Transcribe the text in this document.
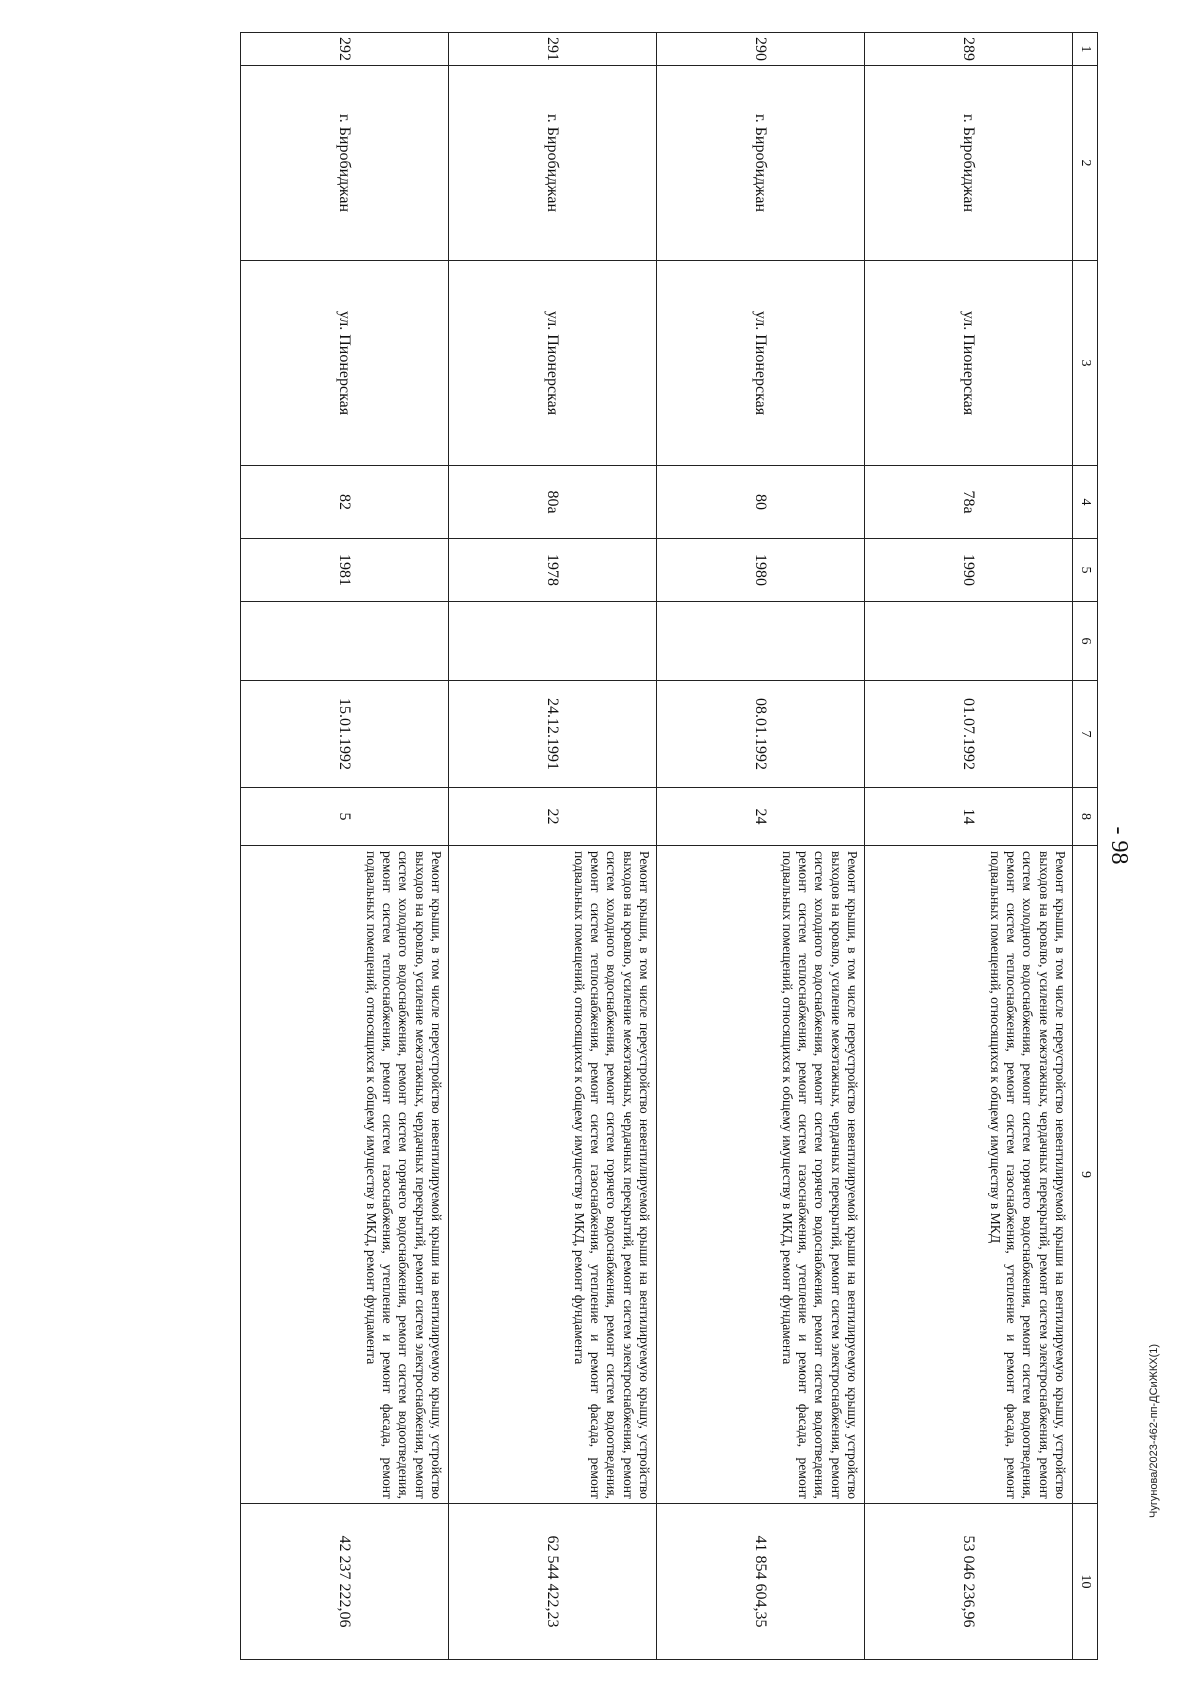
- 98
1	2	3	4	5	6	7	8	9	10
289	г. Биробиджан	ул. Пионерская	78а	1990		01.07.1992	14	Ремонт крыши, в том числе переустройство невентилируемой крыши на вентилируемую крышу, устройство выходов на кровлю, усиление межэтажных, чердачных перекрытий, ремонт систем электроснабжения, ремонт систем холодного водоснабжения, ремонт систем горячего водоснабжения, ремонт систем водоотведения, ремонт систем теплоснабжения, ремонт систем газоснабжения, утепление и ремонт фасада, ремонт подвальных помещений, относящихся к общему имуществу в МКД	53 046 236,96
290	г. Биробиджан	ул. Пионерская	80	1980		08.01.1992	24	Ремонт крыши, в том числе переустройство невентилируемой крыши на вентилируемую крышу, устройство выходов на кровлю, усиление межэтажных, чердачных перекрытий, ремонт систем электроснабжения, ремонт систем холодного водоснабжения, ремонт систем горячего водоснабжения, ремонт систем водоотведения, ремонт систем теплоснабжения, ремонт систем газоснабжения, утепление и ремонт фасада, ремонт подвальных помещений, относящихся к общему имуществу в МКД, ремонт фундамента	41 854 604,35
291	г. Биробиджан	ул. Пионерская	80а	1978		24.12.1991	22	Ремонт крыши, в том числе переустройство невентилируемой крыши на вентилируемую крышу, устройство выходов на кровлю, усиление межэтажных, чердачных перекрытий, ремонт систем электроснабжения, ремонт систем холодного водоснабжения, ремонт систем горячего водоснабжения, ремонт систем водоотведения, ремонт систем теплоснабжения, ремонт систем газоснабжения, утепление и ремонт фасада, ремонт подвальных помещений, относящихся к общему имуществу в МКД, ремонт фундамента	62 544 422,23
292	г. Биробиджан	ул. Пионерская	82	1981		15.01.1992	5	Ремонт крыши, в том числе переустройство невентилируемой крыши на вентилируемую крышу, устройство выходов на кровлю, усиление межэтажных, чердачных перекрытий, ремонт систем электроснабжения, ремонт систем холодного водоснабжения, ремонт систем горячего водоснабжения, ремонт систем водоотведения, ремонт систем теплоснабжения, ремонт систем газоснабжения, утепление и ремонт фасада, ремонт подвальных помещений, относящихся к общему имуществу в МКД, ремонт фундамента	42 237 222,06
Чугунова/2023-462-пп-ДСиЖКХ(1)
